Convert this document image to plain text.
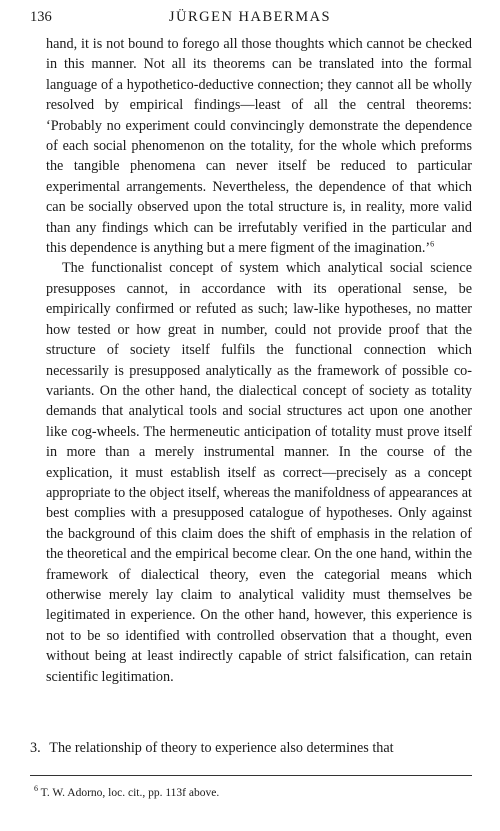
136	JÜRGEN HABERMAS

hand, it is not bound to forego all those thoughts which cannot be checked in this manner. Not all its theorems can be translated into the formal language of a hypothetico-deductive connection; they cannot all be wholly resolved by empirical findings—least of all the central theorems: ‘Probably no experiment could convincingly demonstrate the dependence of each social phenomenon on the totality, for the whole which preforms the tangible phenomena can never itself be reduced to particular experimental arrangements. Nevertheless, the dependence of that which can be socially observed upon the total structure is, in reality, more valid than any findings which can be irrefutably verified in the particular and this dependence is anything but a mere figment of the imagination.’$^6$

The functionalist concept of system which analytical social science presupposes cannot, in accordance with its operational sense, be empirically confirmed or refuted as such; law-like hypotheses, no matter how tested or how great in number, could not provide proof that the structure of society itself fulfils the functional connection which necessarily is presupposed analytically as the framework of possible co-variants. On the other hand, the dialectical concept of society as totality demands that analytical tools and social structures act upon one another like cog-wheels. The hermeneutic anticipation of totality must prove itself in more than a merely instrumental manner. In the course of the explication, it must establish itself as correct—precisely as a concept appropriate to the object itself, whereas the manifoldness of appearances at best complies with a presupposed catalogue of hypotheses. Only against the background of this claim does the shift of emphasis in the relation of the theoretical and the empirical become clear. On the one hand, within the framework of dialectical theory, even the categorial means which otherwise merely lay claim to analytical validity must themselves be legitimated in experience. On the other hand, however, this experience is not to be so identified with controlled observation that a thought, even without being at least indirectly capable of strict falsification, can retain scientific legitimation.

3. The relationship of theory to experience also determines that
$^6$ T. W. Adorno, loc. cit., pp. 113f above.
